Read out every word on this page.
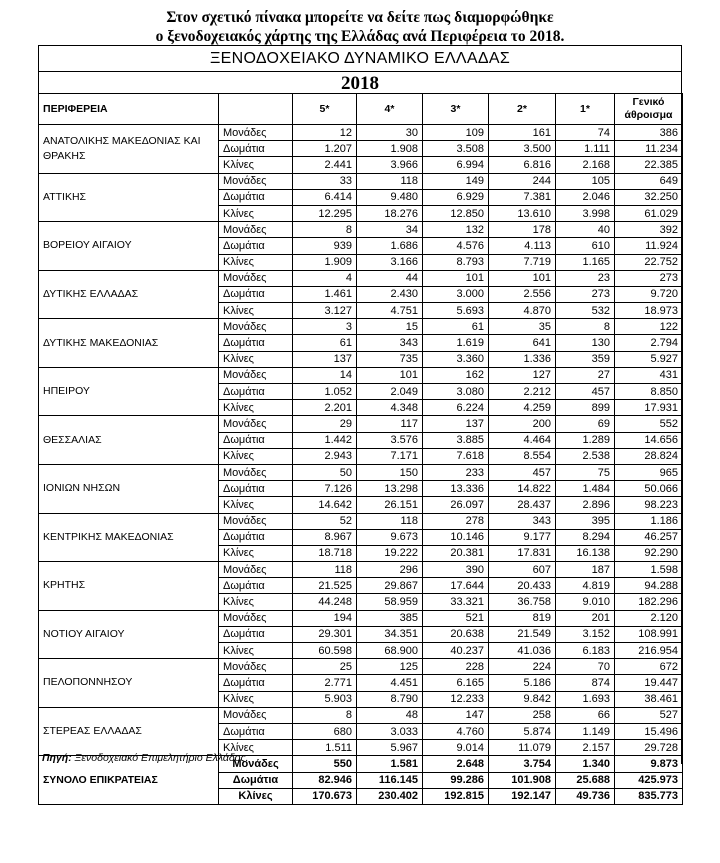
Στον σχετικό πίνακα μπορείτε να δείτε πως διαμορφώθηκε
ο ξενοδοχειακός χάρτης της Ελλάδας ανά Περιφέρεια το 2018.
ΞΕΝΟΔΟΧΕΙΑΚΟ ΔΥΝΑΜΙΚΟ ΕΛΛΑΔΑΣ
2018
ΠΕΡΙΦΕΡΕΙΑ		5*	4*	3*	2*	1*	Γενικό
άθροισμα
ΑΝΑΤΟΛΙΚΗΣ ΜΑΚΕΔΟΝΙΑΣ ΚΑΙ ΘΡΑΚΗΣ	Μονάδες	12	30	109	161	74	386
	Δωμάτια	1.207	1.908	3.508	3.500	1.111	11.234
	Κλίνες	2.441	3.966	6.994	6.816	2.168	22.385
ΑΤΤΙΚΗΣ	Μονάδες	33	118	149	244	105	649
	Δωμάτια	6.414	9.480	6.929	7.381	2.046	32.250
	Κλίνες	12.295	18.276	12.850	13.610	3.998	61.029
ΒΟΡΕΙΟΥ ΑΙΓΑΙΟΥ	Μονάδες	8	34	132	178	40	392
	Δωμάτια	939	1.686	4.576	4.113	610	11.924
	Κλίνες	1.909	3.166	8.793	7.719	1.165	22.752
ΔΥΤΙΚΗΣ ΕΛΛΑΔΑΣ	Μονάδες	4	44	101	101	23	273
	Δωμάτια	1.461	2.430	3.000	2.556	273	9.720
	Κλίνες	3.127	4.751	5.693	4.870	532	18.973
ΔΥΤΙΚΗΣ ΜΑΚΕΔΟΝΙΑΣ	Μονάδες	3	15	61	35	8	122
	Δωμάτια	61	343	1.619	641	130	2.794
	Κλίνες	137	735	3.360	1.336	359	5.927
ΗΠΕΙΡΟΥ	Μονάδες	14	101	162	127	27	431
	Δωμάτια	1.052	2.049	3.080	2.212	457	8.850
	Κλίνες	2.201	4.348	6.224	4.259	899	17.931
ΘΕΣΣΑΛΙΑΣ	Μονάδες	29	117	137	200	69	552
	Δωμάτια	1.442	3.576	3.885	4.464	1.289	14.656
	Κλίνες	2.943	7.171	7.618	8.554	2.538	28.824
ΙΟΝΙΩΝ ΝΗΣΩΝ	Μονάδες	50	150	233	457	75	965
	Δωμάτια	7.126	13.298	13.336	14.822	1.484	50.066
	Κλίνες	14.642	26.151	26.097	28.437	2.896	98.223
ΚΕΝΤΡΙΚΗΣ ΜΑΚΕΔΟΝΙΑΣ	Μονάδες	52	118	278	343	395	1.186
	Δωμάτια	8.967	9.673	10.146	9.177	8.294	46.257
	Κλίνες	18.718	19.222	20.381	17.831	16.138	92.290
ΚΡΗΤΗΣ	Μονάδες	118	296	390	607	187	1.598
	Δωμάτια	21.525	29.867	17.644	20.433	4.819	94.288
	Κλίνες	44.248	58.959	33.321	36.758	9.010	182.296
ΝΟΤΙΟΥ ΑΙΓΑΙΟΥ	Μονάδες	194	385	521	819	201	2.120
	Δωμάτια	29.301	34.351	20.638	21.549	3.152	108.991
	Κλίνες	60.598	68.900	40.237	41.036	6.183	216.954
ΠΕΛΟΠΟΝΝΗΣΟΥ	Μονάδες	25	125	228	224	70	672
	Δωμάτια	2.771	4.451	6.165	5.186	874	19.447
	Κλίνες	5.903	8.790	12.233	9.842	1.693	38.461
ΣΤΕΡΕΑΣ ΕΛΛΑΔΑΣ	Μονάδες	8	48	147	258	66	527
	Δωμάτια	680	3.033	4.760	5.874	1.149	15.496
	Κλίνες	1.511	5.967	9.014	11.079	2.157	29.728
ΣΥΝΟΛΟ ΕΠΙΚΡΑΤΕΙΑΣ	Μονάδες	550	1.581	2.648	3.754	1.340	9.873
	Δωμάτια	82.946	116.145	99.286	101.908	25.688	425.973
	Κλίνες	170.673	230.402	192.815	192.147	49.736	835.773
Πηγή: Ξενοδοχειακό Επιμελητήριο Ελλάδος.
